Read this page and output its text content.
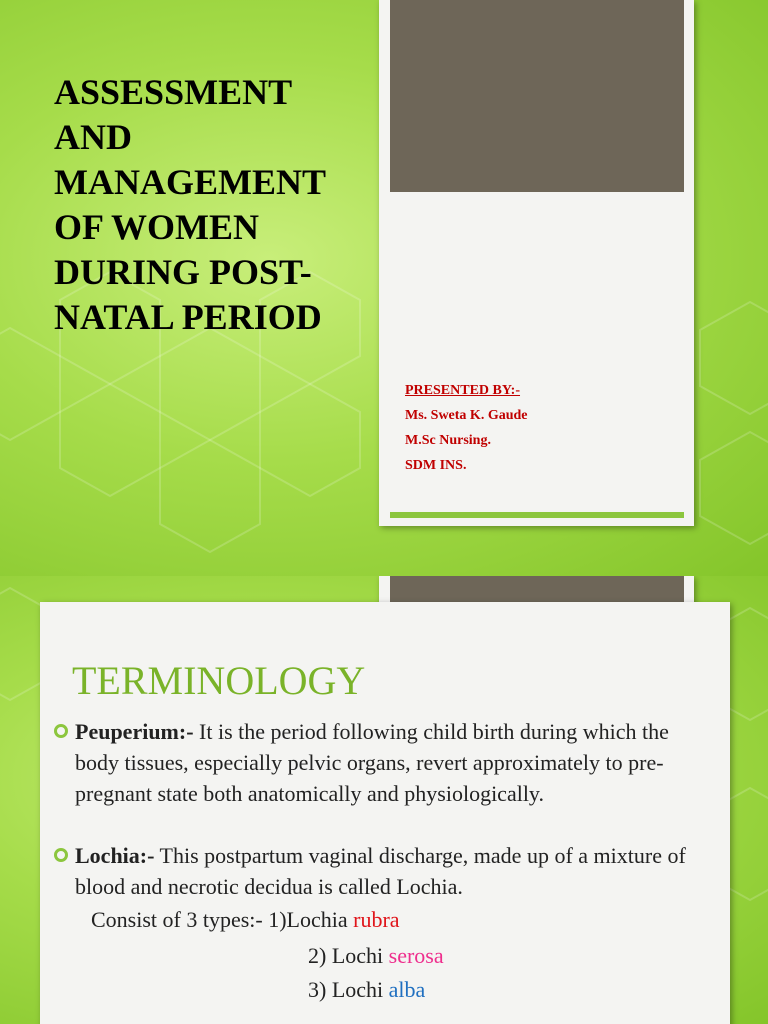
ASSESSMENT
AND
MANAGEMENT
OF WOMEN
DURING POST-
NATAL PERIOD
PRESENTED BY:-
Ms. Sweta K. Gaude
M.Sc Nursing.
SDM INS.
TERMINOLOGY
Peuperium:- It is the period following child birth during which the body tissues, especially pelvic organs, revert approximately to pre-pregnant state both anatomically and physiologically.
Lochia:- This postpartum vaginal discharge, made up of a mixture of blood and necrotic decidua is called Lochia.
Consist of 3 types:- 1)Lochia rubra
2) Lochi serosa
3) Lochi alba
